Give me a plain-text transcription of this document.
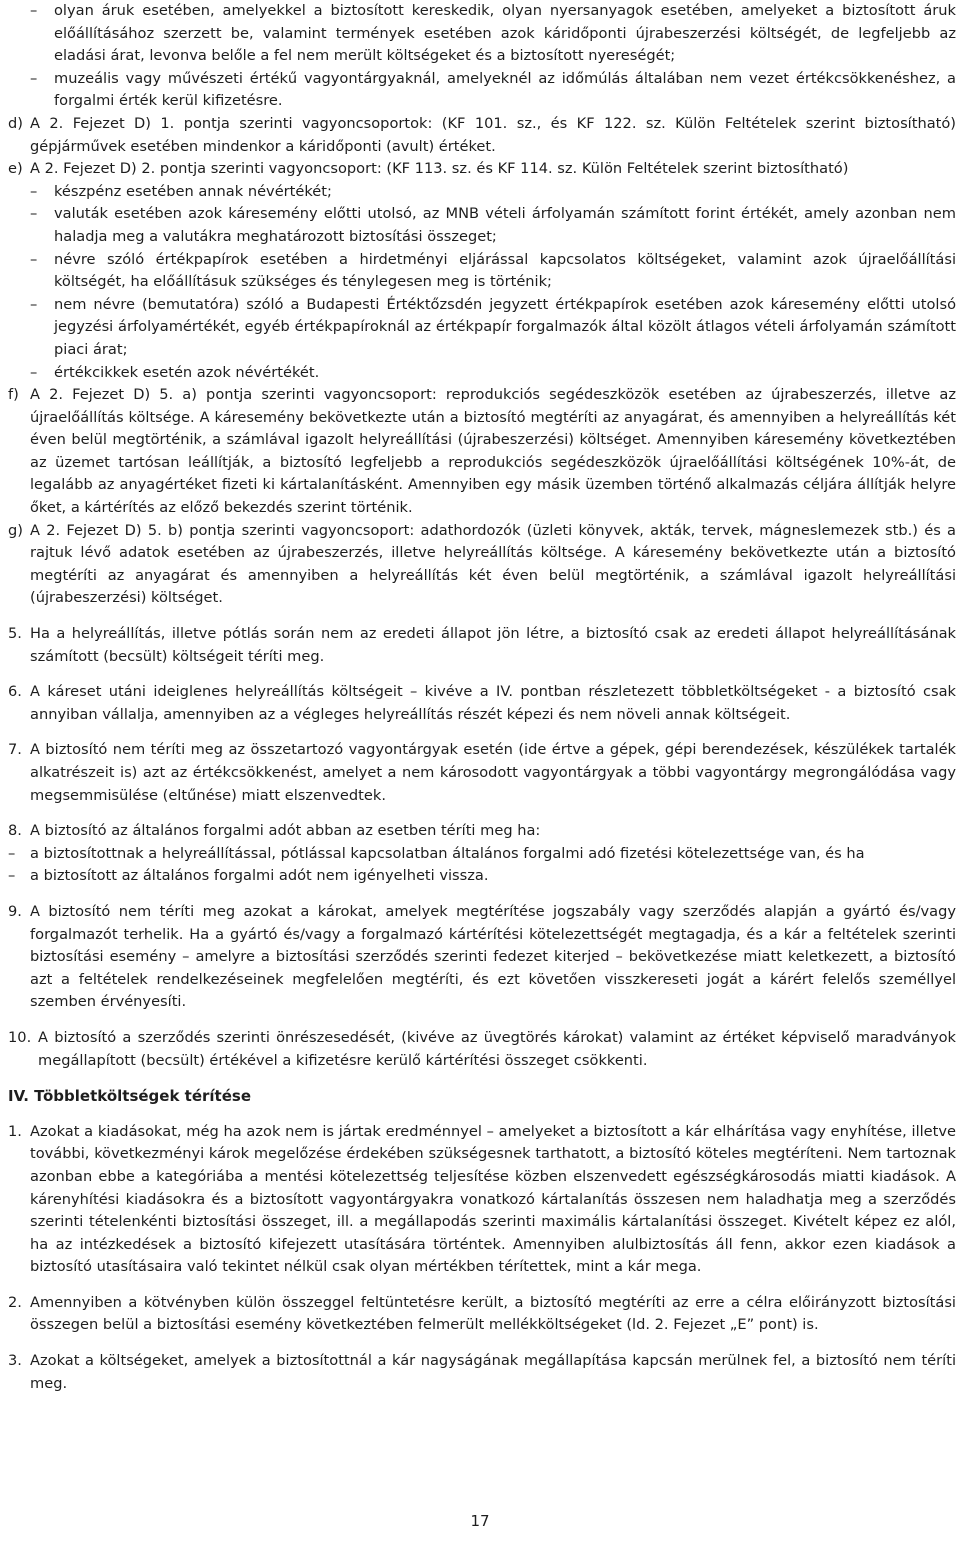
– olyan áruk esetében, amelyekkel a biztosított kereskedik, olyan nyersanyagok esetében, amelyeket a biztosított áruk előállításához szerzett be, valamint termények esetében azok káridőponti újrabeszerzési költségét, de legfeljebb az eladási árat, levonva belőle a fel nem merült költségeket és a biztosított nyereségét;

– muzeális vagy művészeti értékű vagyontárgyaknál, amelyeknél az időmúlás általában nem vezet értékcsökkenéshez, a forgalmi érték kerül kifizetésre.

d) A 2. Fejezet D) 1. pontja szerinti vagyoncsoportok: (KF 101. sz., és KF 122. sz. Külön Feltételek szerint biztosítható) gépjárművek esetében mindenkor a káridőponti (avult) értéket.

e) A 2. Fejezet D) 2. pontja szerinti vagyoncsoport: (KF 113. sz. és KF 114. sz. Külön Feltételek szerint biztosítható)

– készpénz esetében annak névértékét;

– valuták esetében azok káresemény előtti utolsó, az MNB vételi árfolyamán számított forint értékét, amely azonban nem haladja meg a valutákra meghatározott biztosítási összeget;

– névre szóló értékpapírok esetében a hirdetményi eljárással kapcsolatos költségeket, valamint azok újraelőállítási költségét, ha előállításuk szükséges és ténylegesen meg is történik;

– nem névre (bemutatóra) szóló a Budapesti Értéktőzsdén jegyzett értékpapírok esetében azok káresemény előtti utolsó jegyzési árfolyamértékét, egyéb értékpapíroknál az értékpapír forgalmazók által közölt átlagos vételi árfolyamán számított piaci árat;

– értékcikkek esetén azok névértékét.

f) A 2. Fejezet D) 5. a) pontja szerinti vagyoncsoport: reprodukciós segédeszközök esetében az újrabeszerzés, illetve az újraelőállítás költsége. A káresemény bekövetkezte után a biztosító megtéríti az anyagárat, és amennyiben a helyreállítás két éven belül megtörténik, a számlával igazolt helyreállítási (újrabeszerzési) költséget. Amennyiben káresemény következtében az üzemet tartósan leállítják, a biztosító legfeljebb a reprodukciós segédeszközök újraelőállítási költségének 10%-át, de legalább az anyagértéket fizeti ki kártalanításként. Amennyiben egy másik üzemben történő alkalmazás céljára állítják helyre őket, a kártérítés az előző bekezdés szerint történik.

g) A 2. Fejezet D) 5. b) pontja szerinti vagyoncsoport: adathordozók (üzleti könyvek, akták, tervek, mágneslemezek stb.) és a rajtuk lévő adatok esetében az újrabeszerzés, illetve helyreállítás költsége. A káresemény bekövetkezte után a biztosító megtéríti az anyagárat és amennyiben a helyreállítás két éven belül megtörténik, a számlával igazolt helyreállítási (újrabeszerzési) költséget.

5. Ha a helyreállítás, illetve pótlás során nem az eredeti állapot jön létre, a biztosító csak az eredeti állapot helyreállításának számított (becsült) költségeit téríti meg.

6. A káreset utáni ideiglenes helyreállítás költségeit – kivéve a IV. pontban részletezett többletköltségeket - a biztosító csak annyiban vállalja, amennyiben az a végleges helyreállítás részét képezi és nem növeli annak költségeit.

7. A biztosító nem téríti meg az összetartozó vagyontárgyak esetén (ide értve a gépek, gépi berendezések, készülékek tartalék alkatrészeit is) azt az értékcsökkenést, amelyet a nem károsodott vagyontárgyak a többi vagyontárgy megrongálódása vagy megsemmisülése (eltűnése) miatt elszenvedtek.

8. A biztosító az általános forgalmi adót abban az esetben téríti meg ha:

– a biztosítottnak a helyreállítással, pótlással kapcsolatban általános forgalmi adó fizetési kötelezettsége van, és ha

– a biztosított az általános forgalmi adót nem igényelheti vissza.

9. A biztosító nem téríti meg azokat a károkat, amelyek megtérítése jogszabály vagy szerződés alapján a gyártó és/vagy forgalmazót terhelik. Ha a gyártó és/vagy a forgalmazó kártérítési kötelezettségét megtagadja, és a kár a feltételek szerinti biztosítási esemény – amelyre a biztosítási szerződés szerinti fedezet kiterjed – bekövetkezése miatt keletkezett, a biztosító azt a feltételek rendelkezéseinek megfelelően megtéríti, és ezt követően visszkereseti jogát a kárért felelős személlyel szemben érvényesíti.

10. A biztosító a szerződés szerinti önrészesedését, (kivéve az üvegtörés károkat) valamint az értéket képviselő maradványok megállapított (becsült) értékével a kifizetésre kerülő kártérítési összeget csökkenti.

IV. Többletköltségek térítése

1. Azokat a kiadásokat, még ha azok nem is jártak eredménnyel – amelyeket a biztosított a kár elhárítása vagy enyhítése, illetve további, következményi károk megelőzése érdekében szükségesnek tarthatott, a biztosító köteles megtéríteni. Nem tartoznak azonban ebbe a kategóriába a mentési kötelezettség teljesítése közben elszenvedett egészségkárosodás miatti kiadások. A kárenyhítési kiadásokra és a biztosított vagyontárgyakra vonatkozó kártalanítás összesen nem haladhatja meg a szerződés szerinti tételenkénti biztosítási összeget, ill. a megállapodás szerinti maximális kártalanítási összeget. Kivételt képez ez alól, ha az intézkedések a biztosító kifejezett utasítására történtek. Amennyiben alulbiztosítás áll fenn, akkor ezen kiadások a biztosító utasításaira való tekintet nélkül csak olyan mértékben térítettek, mint a kár mega.

2. Amennyiben a kötvényben külön összeggel feltüntetésre került, a biztosító megtéríti az erre a célra előirányzott biztosítási összegen belül a biztosítási esemény következtében felmerült mellékköltségeket (ld. 2. Fejezet „E” pont) is.

3. Azokat a költségeket, amelyek a biztosítottnál a kár nagyságának megállapítása kapcsán merülnek fel, a biztosító nem téríti meg.

17
